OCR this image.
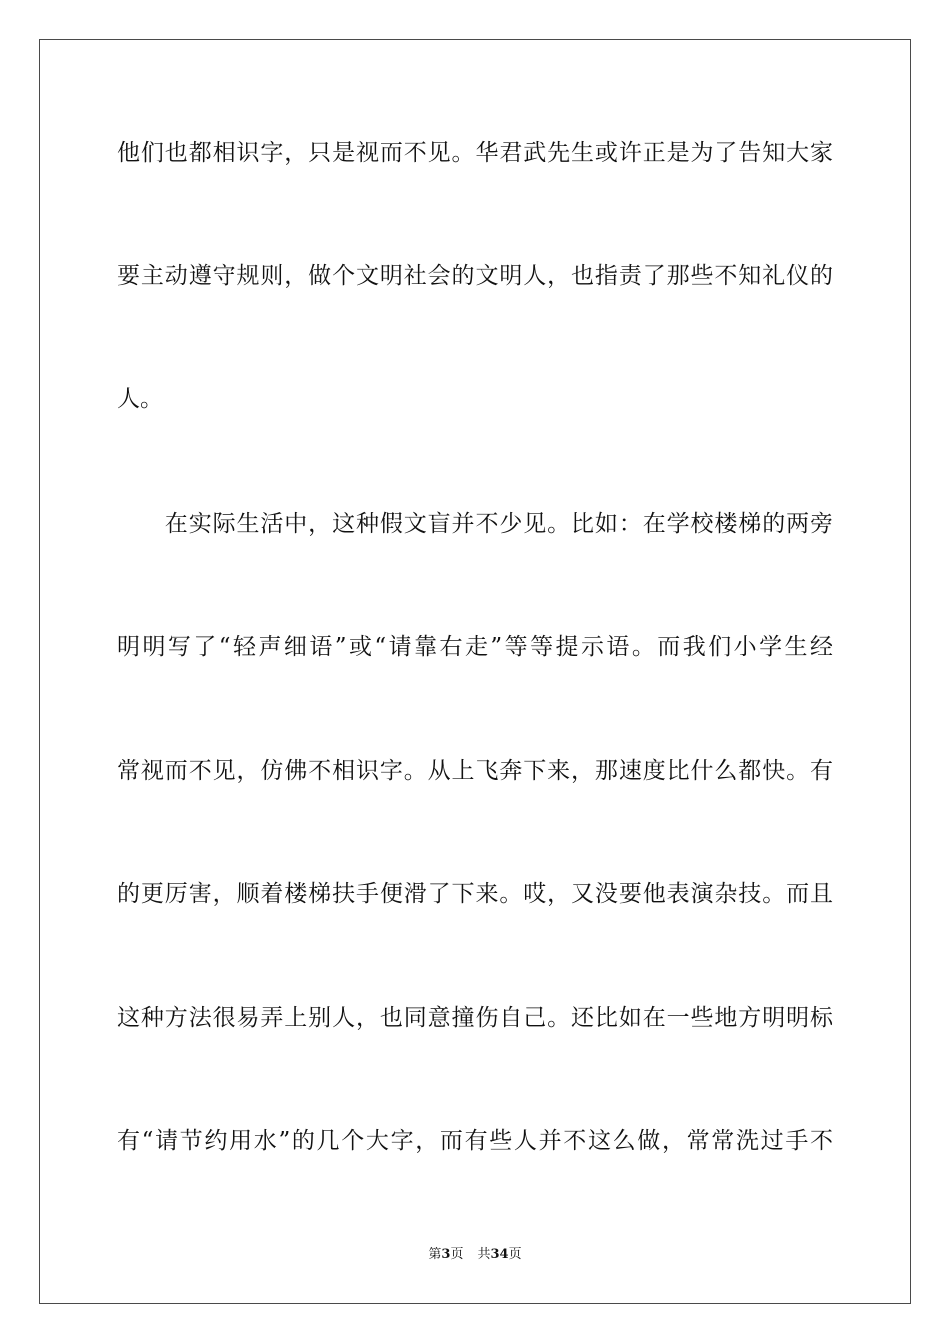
他们也都相识字，只是视而不见。华君武先生或许正是为了告知大家
要主动遵守规则，做个文明社会的文明人，也指责了那些不知礼仪的
人。
　　在实际生活中，这种假文盲并不少见。比如：在学校楼梯的两旁
明明写了“轻声细语”或“请靠右走”等等提示语。而我们小学生经
常视而不见，仿佛不相识字。从上飞奔下来，那速度比什么都快。有
的更厉害，顺着楼梯扶手便滑了下来。哎，又没要他表演杂技。而且
这种方法很易弄上别人，也同意撞伤自己。还比如在一些地方明明标
有“请节约用水”的几个大字，而有些人并不这么做，常常洗过手不
第3页 共34页
